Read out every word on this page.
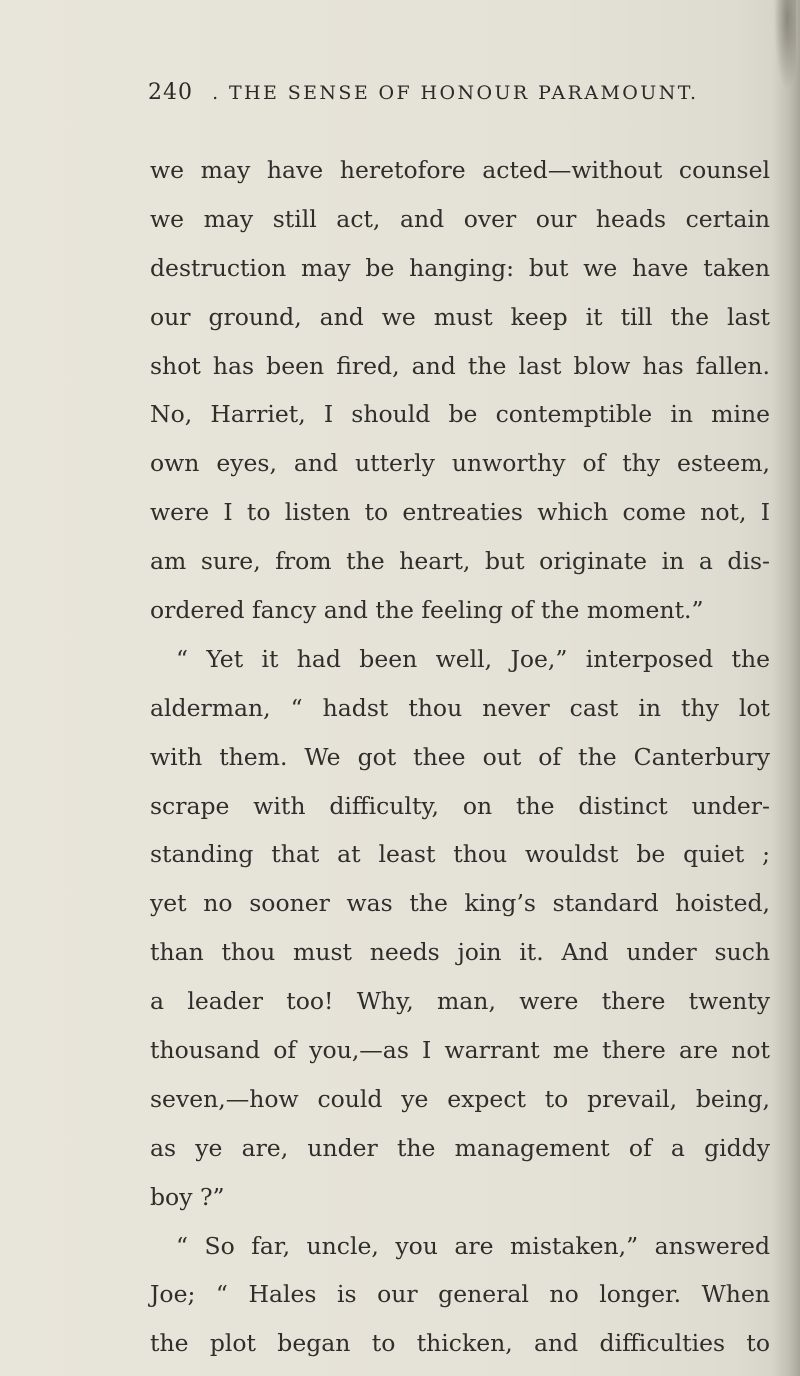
240 . THE SENSE OF HONOUR PARAMOUNT.
we may have heretofore acted—without counsel
we may still act, and over our heads certain
destruction may be hanging: but we have taken
our ground, and we must keep it till the last
shot has been fired, and the last blow has fallen.
No, Harriet, I should be contemptible in mine
own eyes, and utterly unworthy of thy esteem,
were I to listen to entreaties which come not, I
am sure, from the heart, but originate in a dis-
ordered fancy and the feeling of the moment.”
“ Yet it had been well, Joe,” interposed the
alderman, “ hadst thou never cast in thy lot
with them. We got thee out of the Canterbury
scrape with difficulty, on the distinct under-
standing that at least thou wouldst be quiet ;
yet no sooner was the king’s standard hoisted,
than thou must needs join it. And under such
a leader too! Why, man, were there twenty
thousand of you,—as I warrant me there are not
seven,—how could ye expect to prevail, being,
as ye are, under the management of a giddy
boy ?”
“ So far, uncle, you are mistaken,” answered
Joe; “ Hales is our general no longer. When
the plot began to thicken, and difficulties to
